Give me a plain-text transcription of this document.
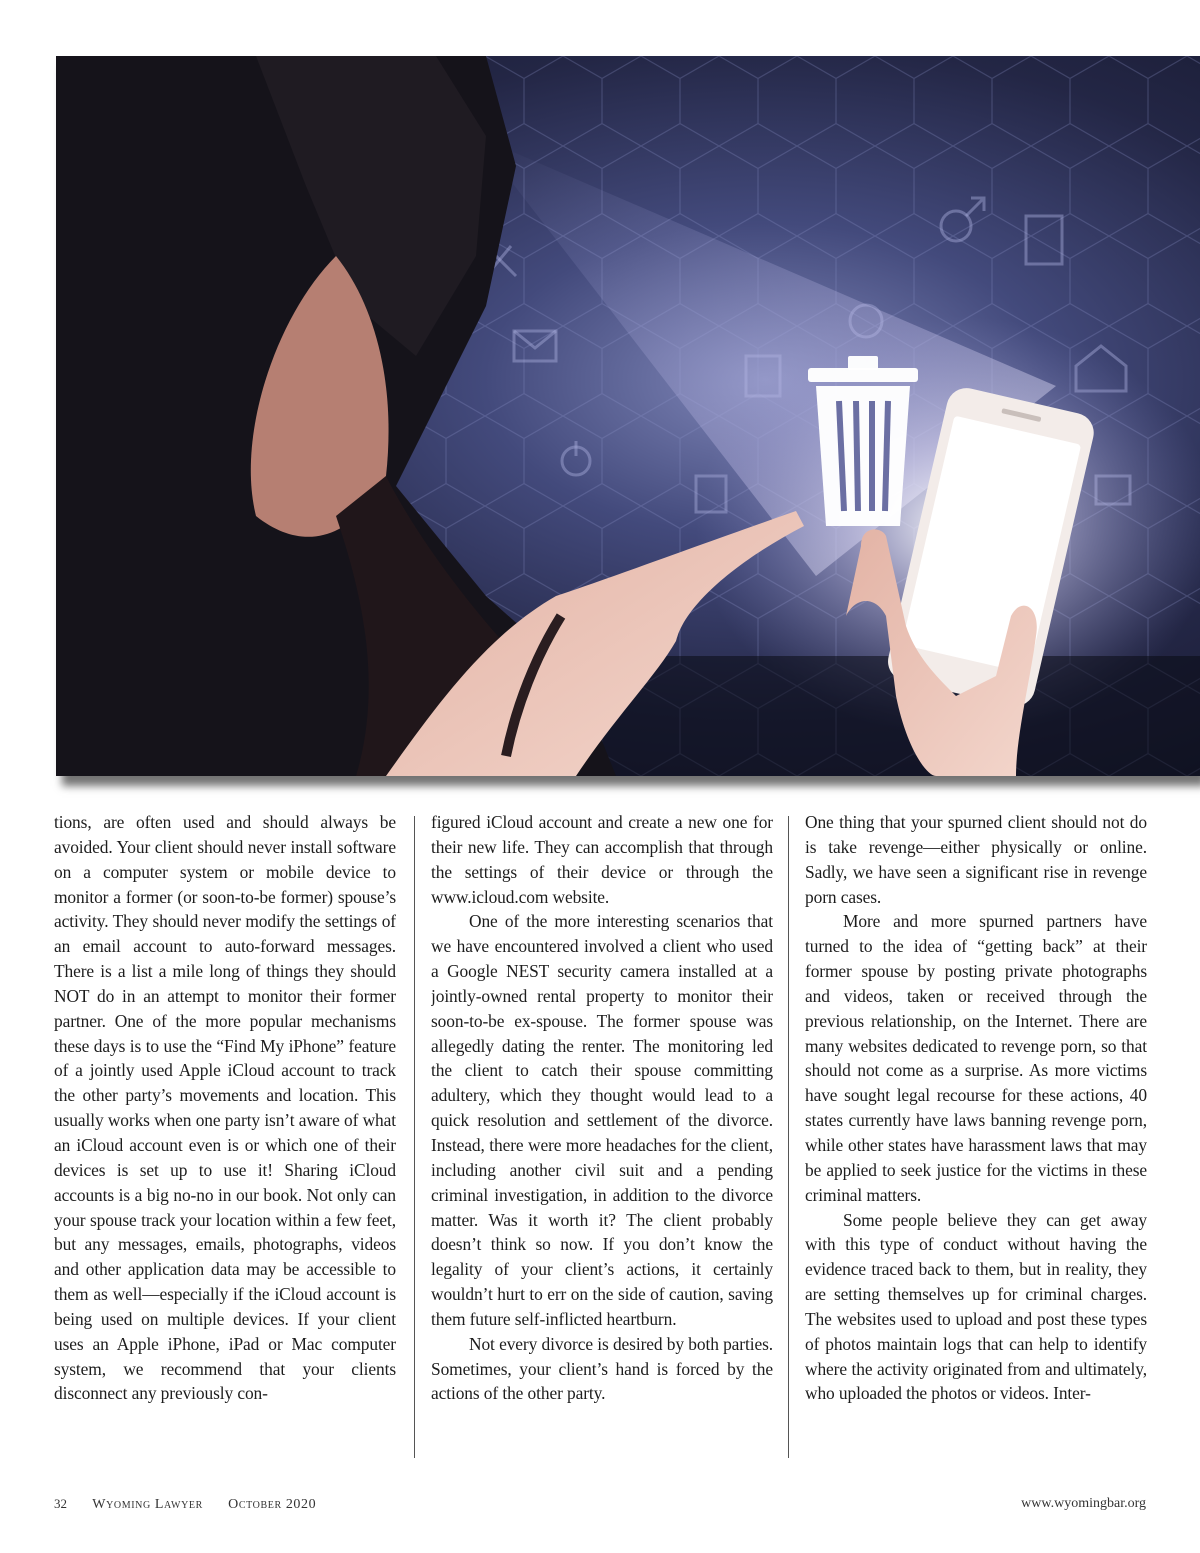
tions, are often used and should always be avoided. Your client should never install software on a computer system or mobile device to monitor a former (or soon-to-be former) spouse’s activity. They should never modify the settings of an email account to auto-forward messages. There is a list a mile long of things they should NOT do in an attempt to monitor their former partner. One of the more popular mechanisms these days is to use the “Find My iPhone” feature of a jointly used Apple iCloud account to track the other party’s movements and location. This usually works when one party isn’t aware of what an iCloud account even is or which one of their devices is set up to use it! Sharing iCloud accounts is a big no-no in our book. Not only can your spouse track your location within a few feet, but any messages, emails, photographs, videos and other application data may be accessible to them as well—especially if the iCloud account is being used on multiple devices. If your client uses an Apple iPhone, iPad or Mac computer system, we recommend that your clients disconnect any previously con-

figured iCloud account and create a new one for their new life. They can accomplish that through the settings of their device or through the www.icloud.com website.

One of the more interesting scenarios that we have encountered involved a client who used a Google NEST security camera installed at a jointly-owned rental property to monitor their soon-to-be ex-spouse. The former spouse was allegedly dating the renter. The monitoring led the client to catch their spouse committing adultery, which they thought would lead to a quick resolution and settlement of the divorce. Instead, there were more headaches for the client, including another civil suit and a pending criminal investigation, in addition to the divorce matter. Was it worth it? The client probably doesn’t think so now. If you don’t know the legality of your client’s actions, it certainly wouldn’t hurt to err on the side of caution, saving them future self-inflicted heartburn.

Not every divorce is desired by both parties. Sometimes, your client’s hand is forced by the actions of the other party.

One thing that your spurned client should not do is take revenge—either physically or online. Sadly, we have seen a significant rise in revenge porn cases.

More and more spurned partners have turned to the idea of “getting back” at their former spouse by posting private photographs and videos, taken or received through the previous relationship, on the Internet. There are many websites dedicated to revenge porn, so that should not come as a surprise. As more victims have sought legal recourse for these actions, 40 states currently have laws banning revenge porn, while other states have harassment laws that may be applied to seek justice for the victims in these criminal matters.

Some people believe they can get away with this type of conduct without having the evidence traced back to them, but in reality, they are setting themselves up for criminal charges. The websites used to upload and post these types of photos maintain logs that can help to identify where the activity originated from and ultimately, who uploaded the photos or videos. Inter-

32 Wyoming Lawyer October 2020	www.wyomingbar.org
